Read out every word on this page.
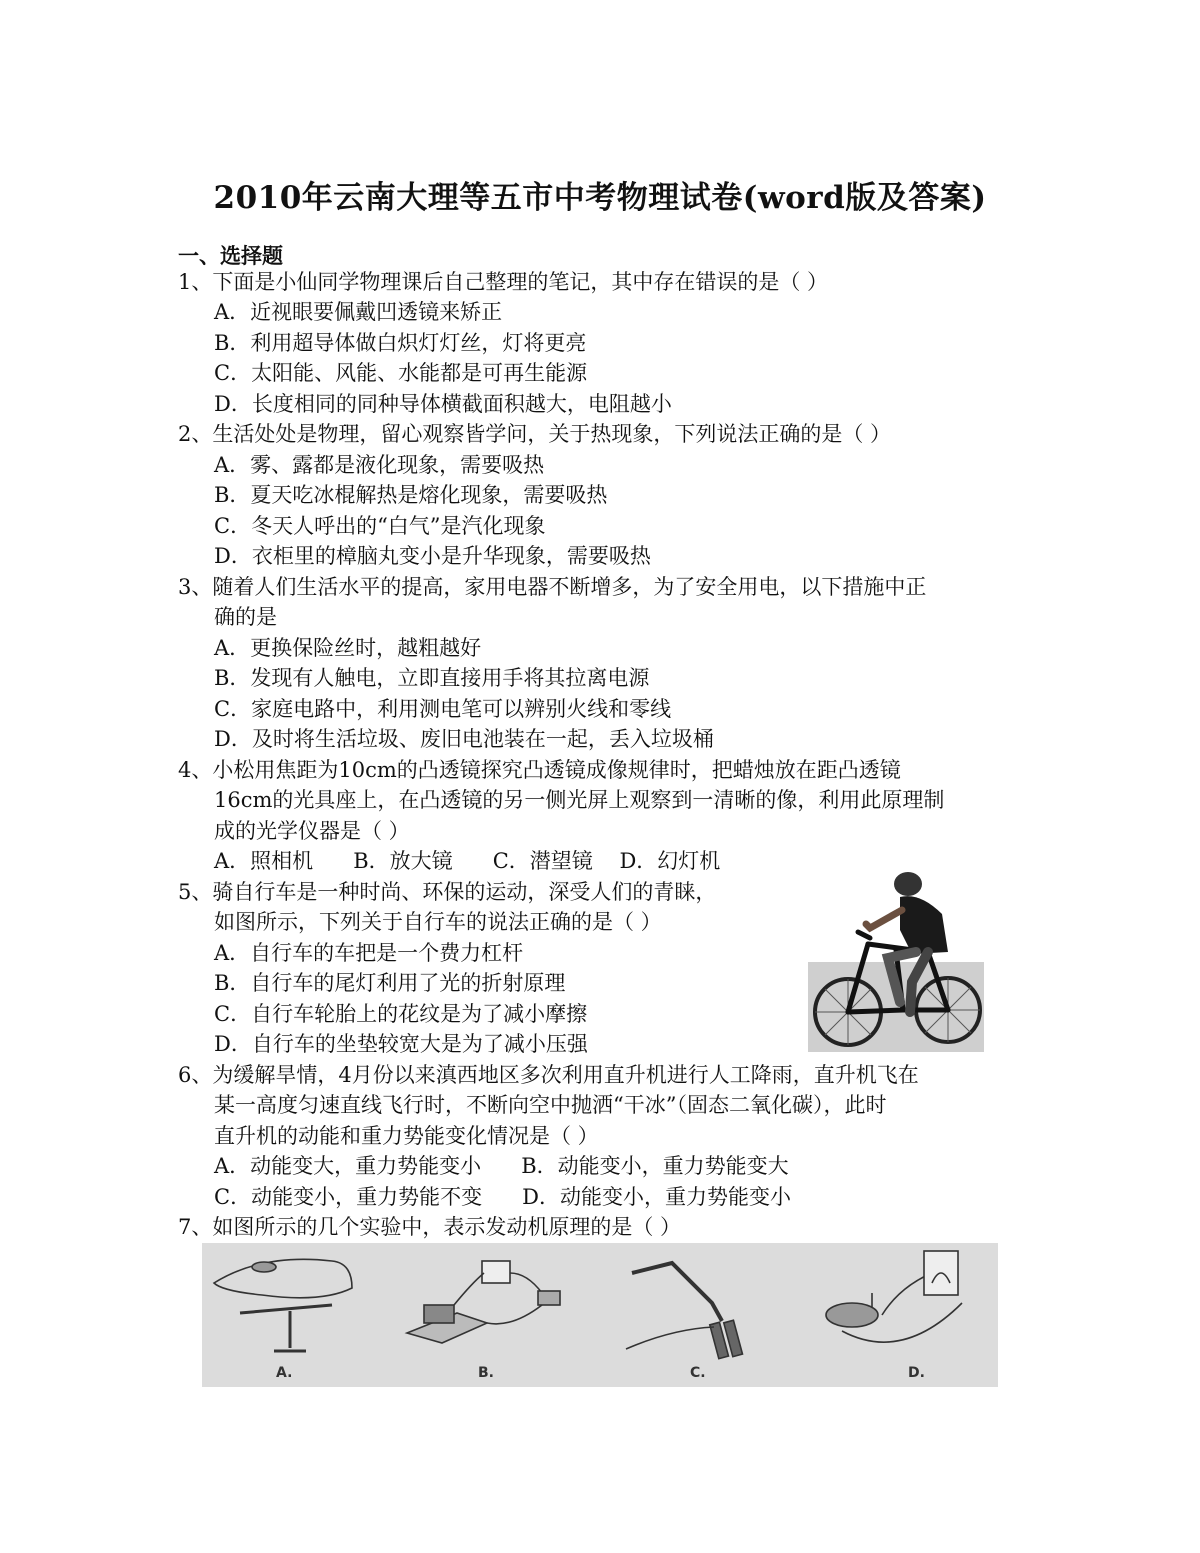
2010年云南大理等五市中考物理试卷(word版及答案)
一、选择题
1、下面是小仙同学物理课后自己整理的笔记，其中存在错误的是（ ）
A．近视眼要佩戴凹透镜来矫正
B．利用超导体做白炽灯灯丝，灯将更亮
C．太阳能、风能、水能都是可再生能源
D．长度相同的同种导体横截面积越大，电阻越小
2、生活处处是物理，留心观察皆学问，关于热现象，下列说法正确的是（ ）
A．雾、露都是液化现象，需要吸热
B．夏天吃冰棍解热是熔化现象，需要吸热
C．冬天人呼出的“白气”是汽化现象
D．衣柜里的樟脑丸变小是升华现象，需要吸热
3、随着人们生活水平的提高，家用电器不断增多，为了安全用电，以下措施中正
确的是
A．更换保险丝时，越粗越好
B．发现有人触电，立即直接用手将其拉离电源
C．家庭电路中，利用测电笔可以辨别火线和零线
D．及时将生活垃圾、废旧电池装在一起，丢入垃圾桶
4、小松用焦距为10cm的凸透镜探究凸透镜成像规律时，把蜡烛放在距凸透镜
16cm的光具座上，在凸透镜的另一侧光屏上观察到一清晰的像，利用此原理制
成的光学仪器是（ ）
A．照相机      B．放大镜      C．潜望镜    D．幻灯机
5、骑自行车是一种时尚、环保的运动，深受人们的青睐，
如图所示，下列关于自行车的说法正确的是（ ）
A．自行车的车把是一个费力杠杆
B．自行车的尾灯利用了光的折射原理
C．自行车轮胎上的花纹是为了减小摩擦
D．自行车的坐垫较宽大是为了减小压强
6、为缓解旱情，4月份以来滇西地区多次利用直升机进行人工降雨，直升机飞在
某一高度匀速直线飞行时，不断向空中抛洒“干冰”（固态二氧化碳），此时
直升机的动能和重力势能变化情况是（ ）
A．动能变大，重力势能变小      B．动能变小，重力势能变大
C．动能变小，重力势能不变      D．动能变小，重力势能变小
7、如图所示的几个实验中，表示发动机原理的是（ ）
A.	B.	C.	D.
